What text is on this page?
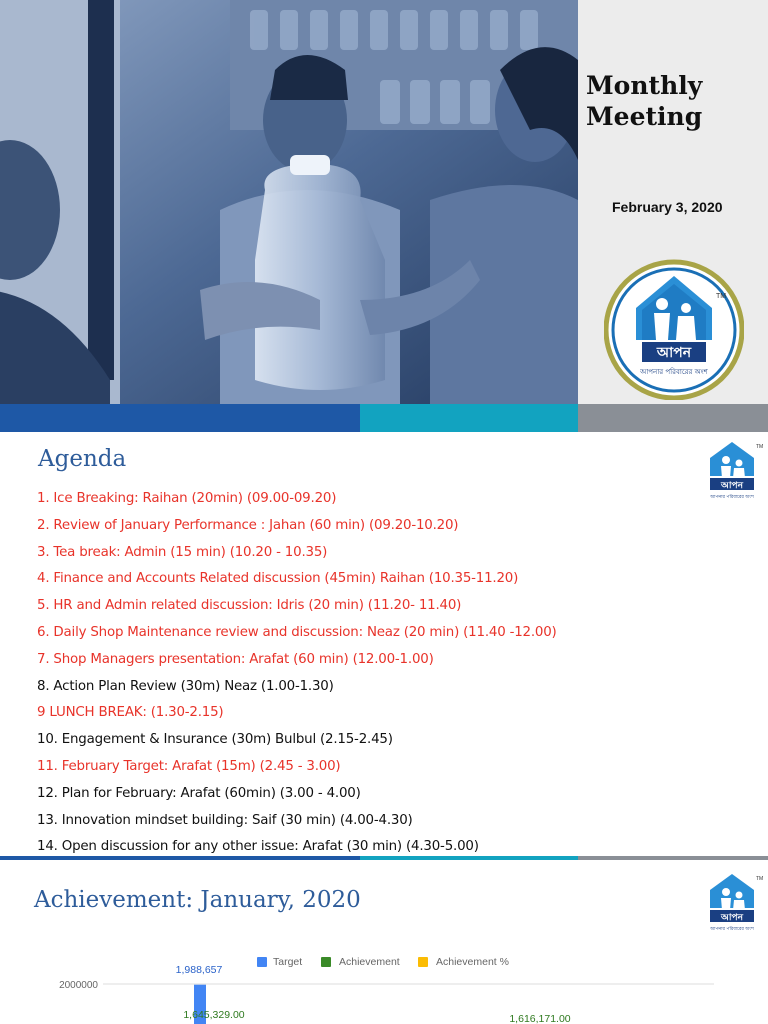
Monthly Meeting
February 3, 2020
আপন
আপনার পরিবারের অংশ
TM
Agenda
1. Ice Breaking: Raihan (20min) (09.00-09.20)
2. Review of January Performance : Jahan (60 min) (09.20-10.20)
3. Tea break: Admin (15 min) (10.20 - 10.35)
4. Finance and Accounts Related discussion (45min) Raihan (10.35-11.20)
5. HR and Admin related discussion: Idris (20 min) (11.20- 11.40)
6. Daily Shop Maintenance review and discussion: Neaz (20 min) (11.40 -12.00)
7. Shop Managers presentation: Arafat (60 min) (12.00-1.00)
8. Action Plan Review (30m) Neaz (1.00-1.30)
9 LUNCH BREAK: (1.30-2.15)
10. Engagement & Insurance (30m) Bulbul (2.15-2.45)
11. February Target: Arafat (15m) (2.45 - 3.00)
12. Plan for February: Arafat (60min) (3.00 - 4.00)
13. Innovation mindset building: Saif (30 min) (4.00-4.30)
14. Open discussion for any other issue: Arafat (30 min) (4.30-5.00)
আপন
আপনার পরিবারের অংশ
TM
Achievement: January, 2020
আপন
আপনার পরিবারের অংশ
TM
Target	Achievement	Achievement %
2000000
1,988,657
1,645,329.00	1,616,171.00
